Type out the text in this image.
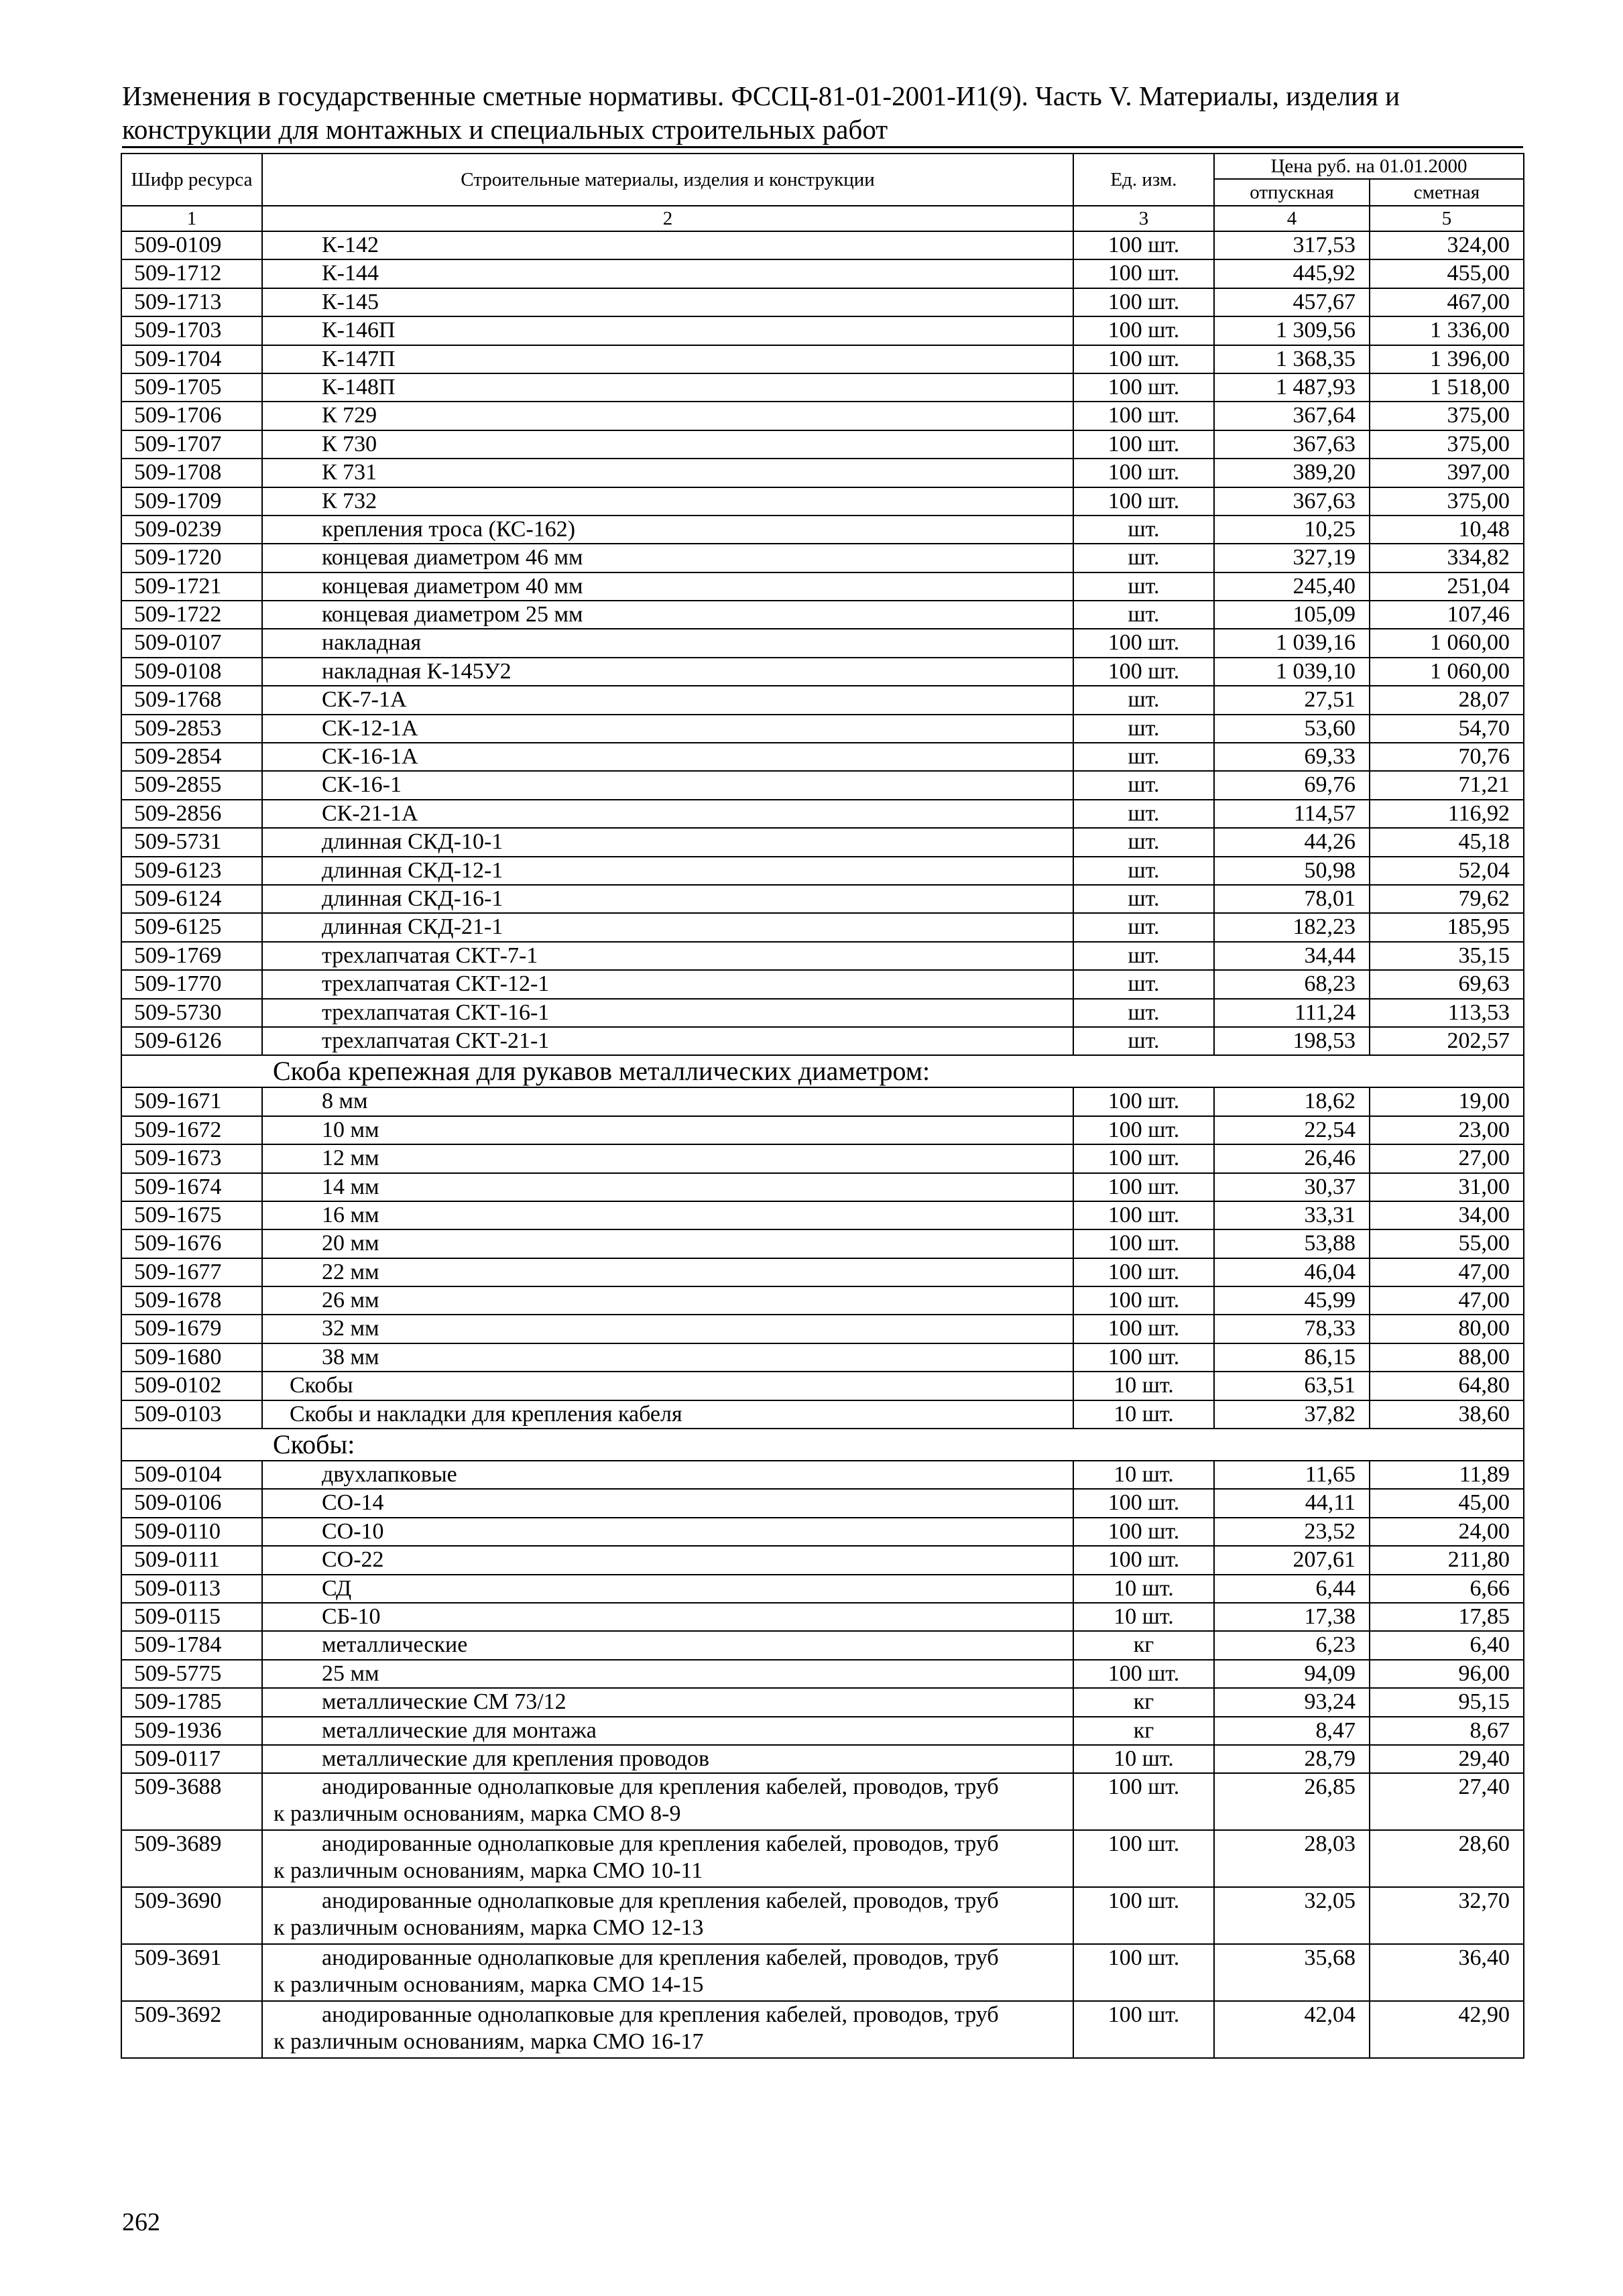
Изменения в государственные сметные нормативы. ФССЦ-81-01-2001-И1(9). Часть V. Материалы, изделия и
конструкции для монтажных и специальных строительных работ
Шифр ресурса	Строительные материалы, изделия и конструкции	Ед. изм.	Цена руб. на 01.01.2000	
			отпускная	сметная
1	2	3	4	5
509-0109	К-142	100 шт.	317,53	324,00
509-1712	К-144	100 шт.	445,92	455,00
509-1713	К-145	100 шт.	457,67	467,00
509-1703	К-146П	100 шт.	1 309,56	1 336,00
509-1704	К-147П	100 шт.	1 368,35	1 396,00
509-1705	К-148П	100 шт.	1 487,93	1 518,00
509-1706	К 729	100 шт.	367,64	375,00
509-1707	К 730	100 шт.	367,63	375,00
509-1708	К 731	100 шт.	389,20	397,00
509-1709	К 732	100 шт.	367,63	375,00
509-0239	крепления троса (КС-162)	шт.	10,25	10,48
509-1720	концевая диаметром 46 мм	шт.	327,19	334,82
509-1721	концевая диаметром 40 мм	шт.	245,40	251,04
509-1722	концевая диаметром 25 мм	шт.	105,09	107,46
509-0107	накладная	100 шт.	1 039,16	1 060,00
509-0108	накладная К-145У2	100 шт.	1 039,10	1 060,00
509-1768	СК-7-1А	шт.	27,51	28,07
509-2853	СК-12-1А	шт.	53,60	54,70
509-2854	СК-16-1А	шт.	69,33	70,76
509-2855	СК-16-1	шт.	69,76	71,21
509-2856	СК-21-1А	шт.	114,57	116,92
509-5731	длинная СКД-10-1	шт.	44,26	45,18
509-6123	длинная СКД-12-1	шт.	50,98	52,04
509-6124	длинная СКД-16-1	шт.	78,01	79,62
509-6125	длинная СКД-21-1	шт.	182,23	185,95
509-1769	трехлапчатая СКТ-7-1	шт.	34,44	35,15
509-1770	трехлапчатая СКТ-12-1	шт.	68,23	69,63
509-5730	трехлапчатая СКТ-16-1	шт.	111,24	113,53
509-6126	трехлапчатая СКТ-21-1	шт.	198,53	202,57
Скоба крепежная для рукавов металлических диаметром:				
509-1671	8 мм	100 шт.	18,62	19,00
509-1672	10 мм	100 шт.	22,54	23,00
509-1673	12 мм	100 шт.	26,46	27,00
509-1674	14 мм	100 шт.	30,37	31,00
509-1675	16 мм	100 шт.	33,31	34,00
509-1676	20 мм	100 шт.	53,88	55,00
509-1677	22 мм	100 шт.	46,04	47,00
509-1678	26 мм	100 шт.	45,99	47,00
509-1679	32 мм	100 шт.	78,33	80,00
509-1680	38 мм	100 шт.	86,15	88,00
509-0102	Скобы	10 шт.	63,51	64,80
509-0103	Скобы и накладки для крепления кабеля	10 шт.	37,82	38,60
Скобы:				
509-0104	двухлапковые	10 шт.	11,65	11,89
509-0106	СО-14	100 шт.	44,11	45,00
509-0110	СО-10	100 шт.	23,52	24,00
509-0111	СО-22	100 шт.	207,61	211,80
509-0113	СД	10 шт.	6,44	6,66
509-0115	СБ-10	10 шт.	17,38	17,85
509-1784	металлические	кг	6,23	6,40
509-5775	25 мм	100 шт.	94,09	96,00
509-1785	металлические СМ 73/12	кг	93,24	95,15
509-1936	металлические для монтажа	кг	8,47	8,67
509-0117	металлические для крепления проводов	10 шт.	28,79	29,40
509-3688	анодированные однолапковые для крепления кабелей, проводов, труб
к различным основаниям, марка СМО 8-9	100 шт.	26,85	27,40
509-3689	анодированные однолапковые для крепления кабелей, проводов, труб
к различным основаниям, марка СМО 10-11	100 шт.	28,03	28,60
509-3690	анодированные однолапковые для крепления кабелей, проводов, труб
к различным основаниям, марка СМО 12-13	100 шт.	32,05	32,70
509-3691	анодированные однолапковые для крепления кабелей, проводов, труб
к различным основаниям, марка СМО 14-15	100 шт.	35,68	36,40
509-3692	анодированные однолапковые для крепления кабелей, проводов, труб
к различным основаниям, марка СМО 16-17	100 шт.	42,04	42,90
262
